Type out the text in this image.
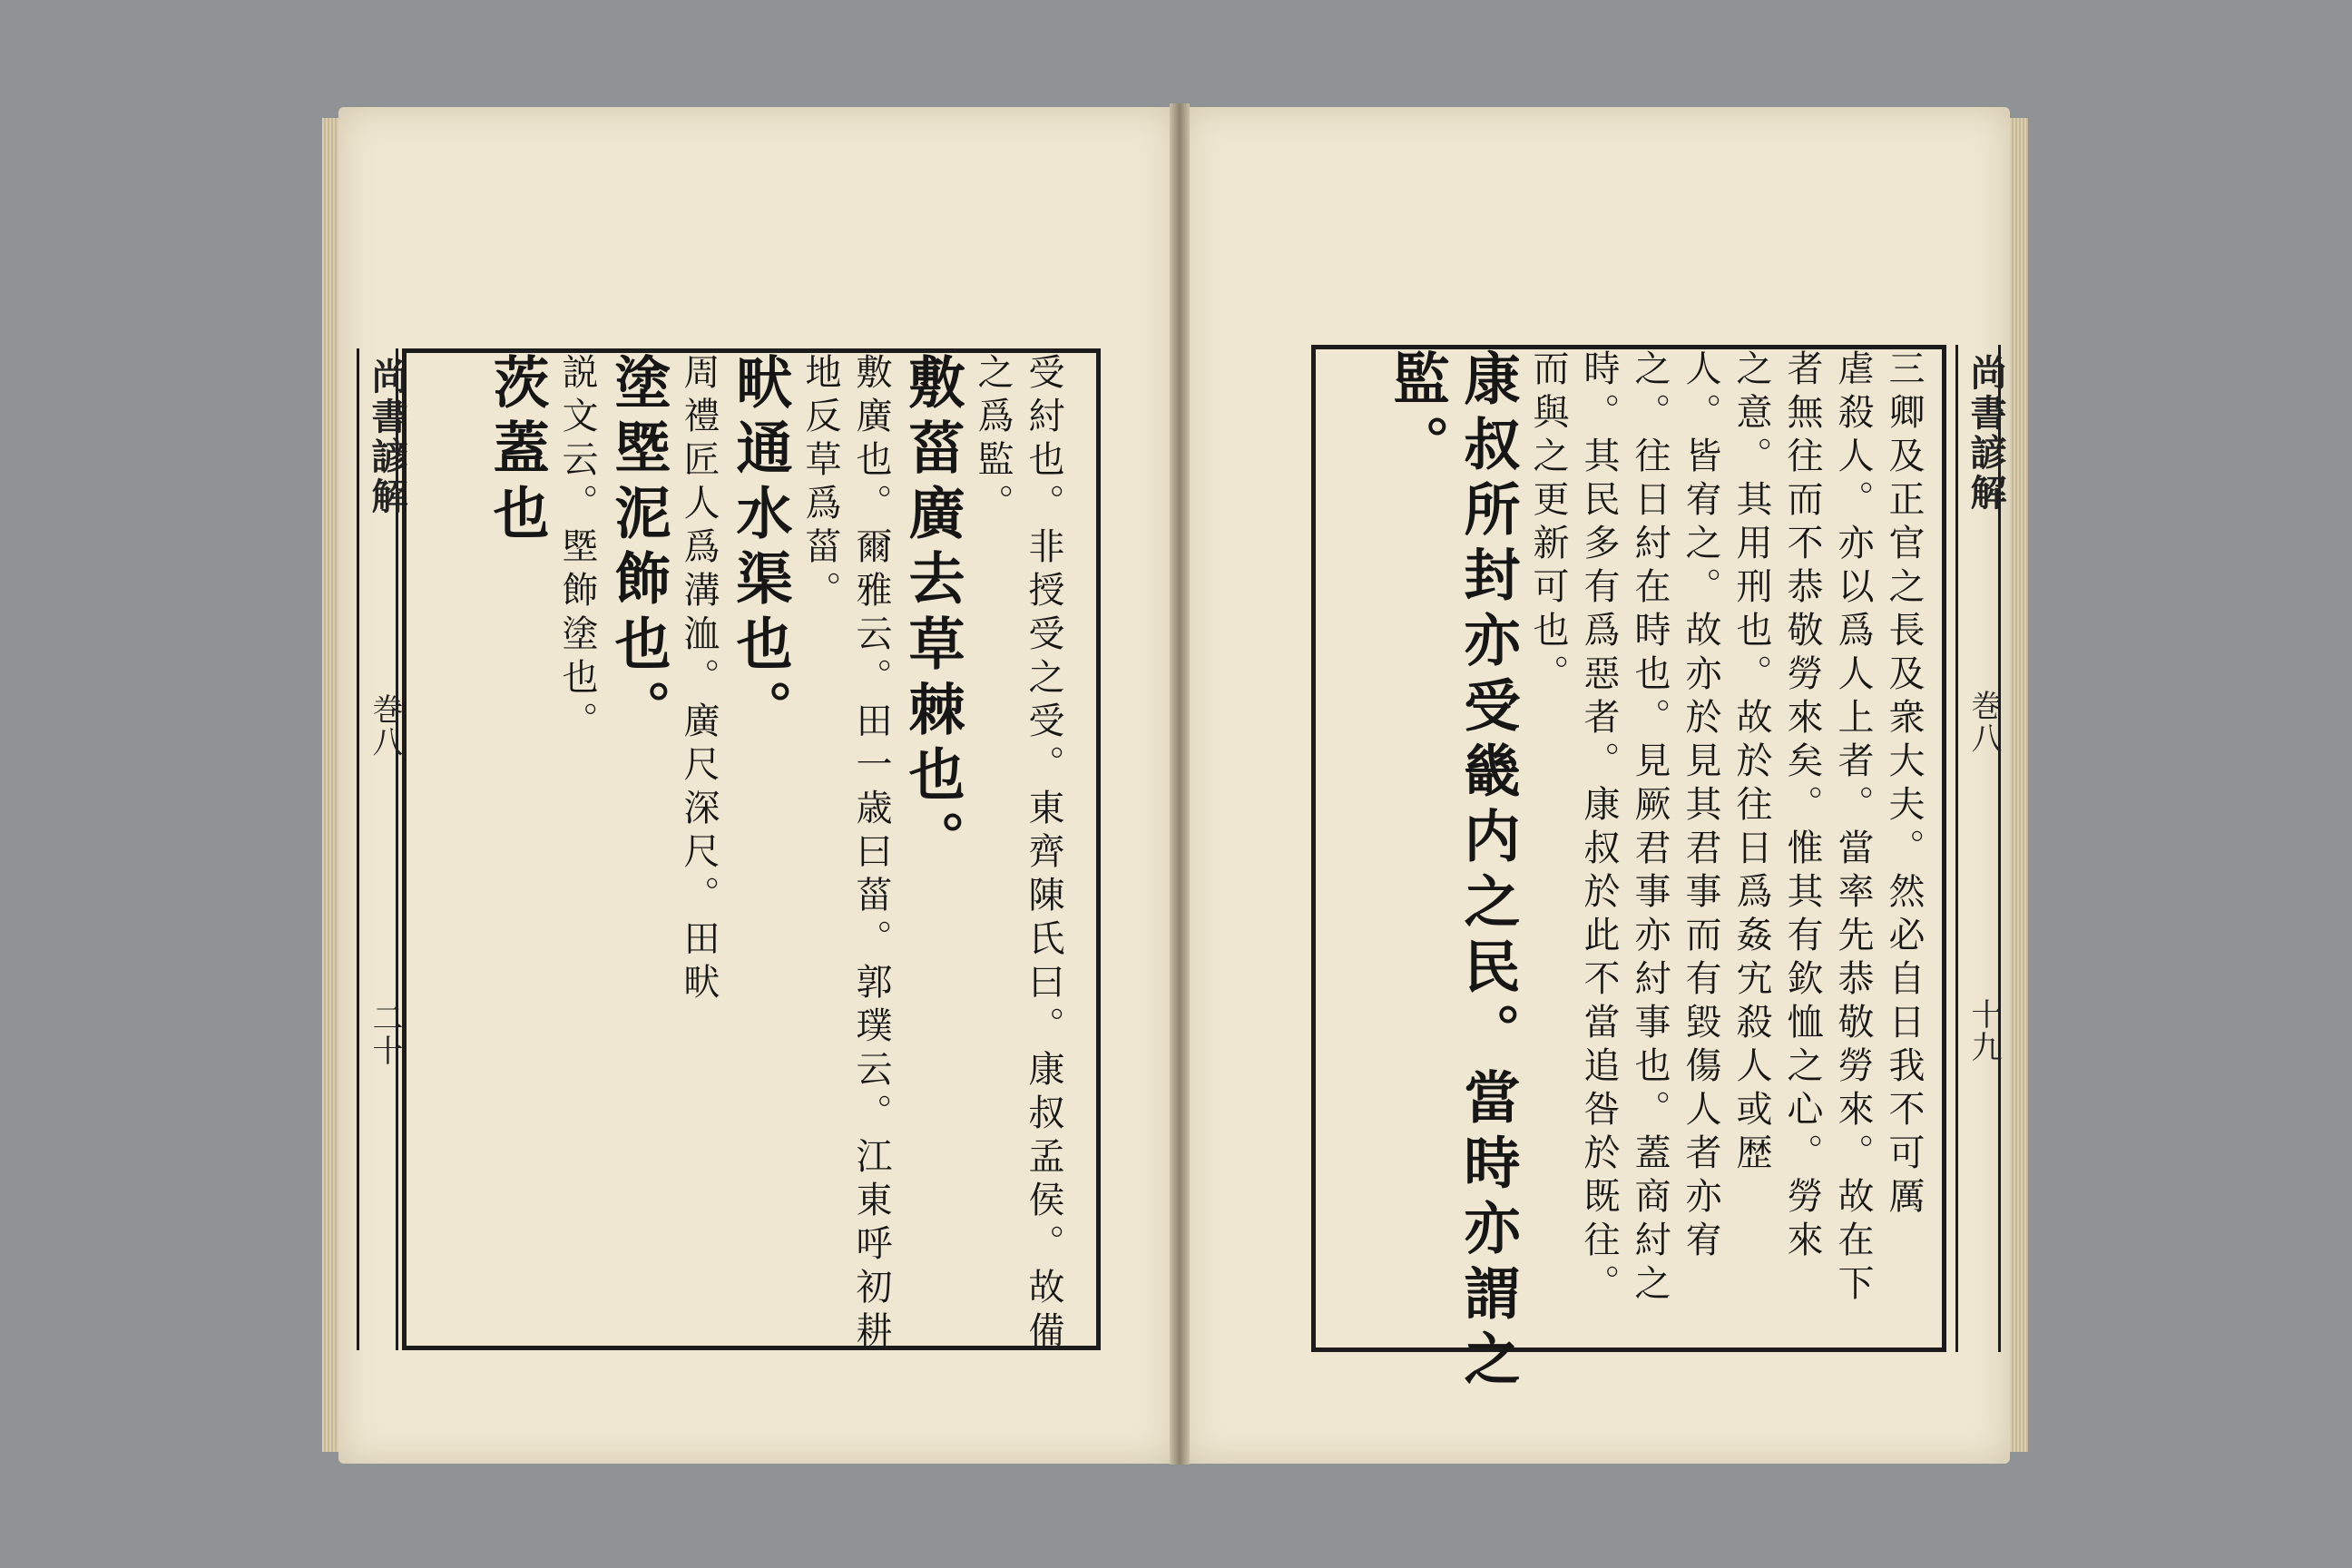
尚書諺解
巻八
二十	受紂也。非授受之受。東齊陳氏曰。康叔孟侯。故備
之爲監。
敷菑廣去草棘也。
敷廣也。爾雅云。田一歳曰菑。郭璞云。江東呼初耕
地反草爲菑。
畎通水渠也。
周禮匠人爲溝洫。廣尺深尺。田畎
塗塈泥飾也。
説文云。塈飾塗也。
茨蓋也	尚書諺解
巻八
十九
三卿及正官之長及衆大夫。然必自日我不可厲
虐殺人。亦以爲人上者。當率先恭敬勞來。故在下
者無往而不恭敬勞來矣。惟其有欽恤之心。勞來
之意。其用刑也。故於往日爲姦宄殺人或歴
人。皆宥之。故亦於見其君事而有毀傷人者亦宥
之。往日紂在時也。見厥君事亦紂事也。蓋商紂之
時。其民多有爲惡者。康叔於此不當追咎於既往。
而與之更新可也。
康叔所封亦受畿内之民。當時亦謂之
監。
